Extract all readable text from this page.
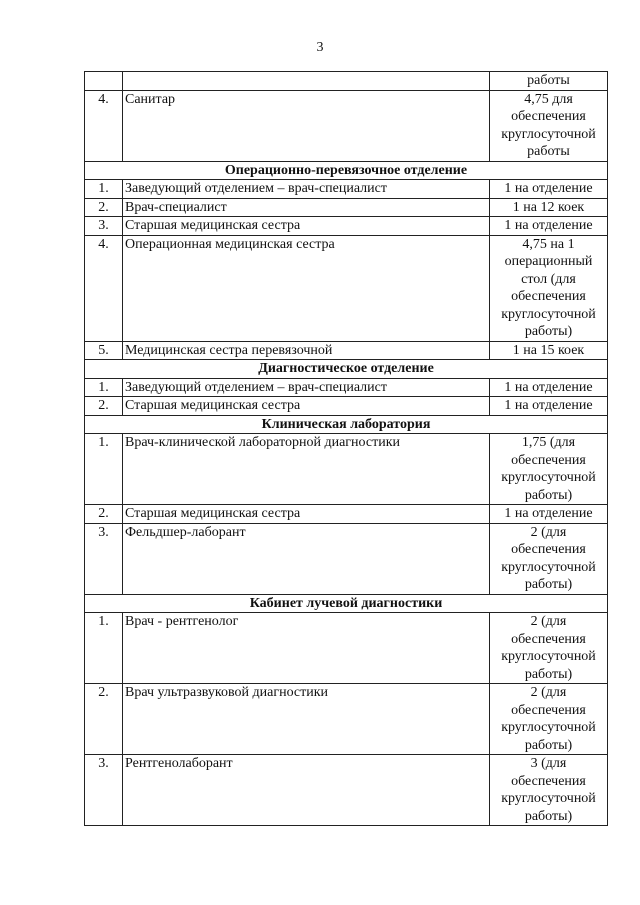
3
		работы
4.	Санитар	4,75 для обеспечения круглосуточной работы
Операционно-перевязочное отделение		
1.	Заведующий отделением – врач-специалист	1 на отделение
2.	Врач-специалист	1 на 12 коек
3.	Старшая медицинская сестра	1 на отделение
4.	Операционная медицинская сестра	4,75 на 1 операционный стол (для обеспечения круглосуточной работы)
5.	Медицинская сестра перевязочной	1 на 15 коек
Диагностическое отделение		
1.	Заведующий отделением – врач-специалист	1 на отделение
2.	Старшая медицинская сестра	1 на отделение
Клиническая лаборатория		
1.	Врач-клинической лабораторной диагностики	1,75 (для обеспечения круглосуточной работы)
2.	Старшая медицинская сестра	1 на отделение
3.	Фельдшер-лаборант	2 (для обеспечения круглосуточной работы)
Кабинет лучевой диагностики		
1.	Врач - рентгенолог	2 (для обеспечения круглосуточной работы)
2.	Врач ультразвуковой диагностики	2 (для обеспечения круглосуточной работы)
3.	Рентгенолаборант	3 (для обеспечения круглосуточной работы)
